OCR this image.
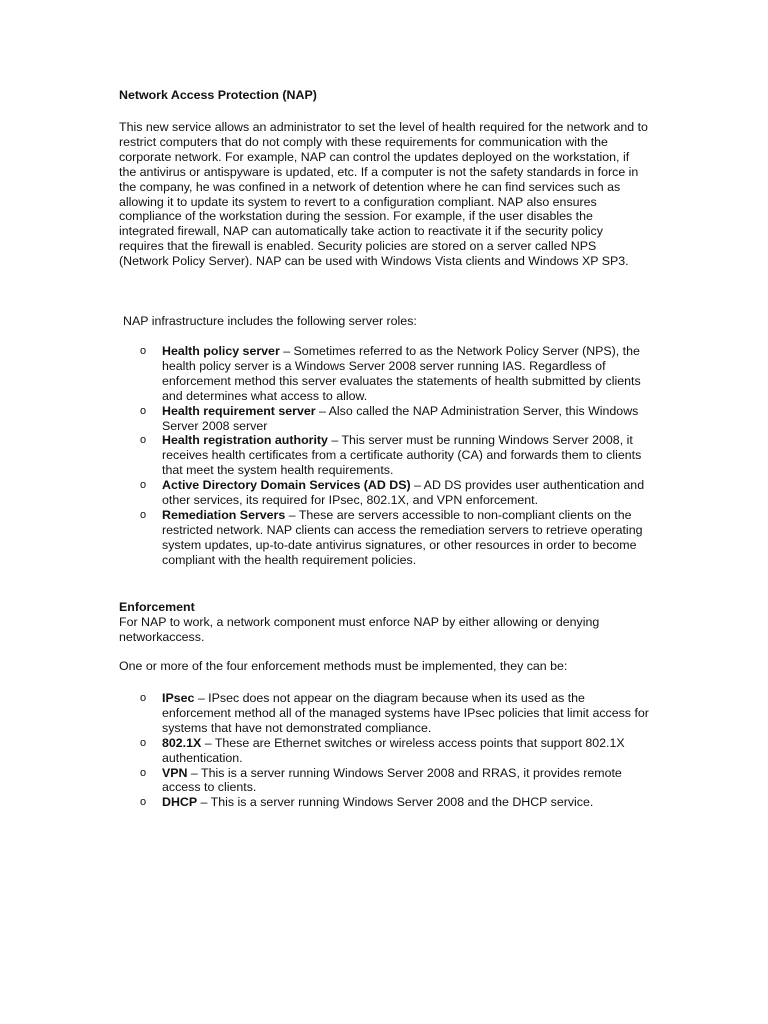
Network Access Protection (NAP)

This new service allows an administrator to set the level of health required for the network and to restrict computers that do not comply with these requirements for communication with the corporate network. For example, NAP can control the updates deployed on the workstation, if the antivirus or antispyware is updated, etc. If a computer is not the safety standards in force in the company, he was confined in a network of detention where he can find services such as allowing it to update its system to revert to a configuration compliant. NAP also ensures compliance of the workstation during the session. For example, if the user disables the integrated firewall, NAP can automatically take action to reactivate it if the security policy requires that the firewall is enabled. Security policies are stored on a server called NPS (Network Policy Server). NAP can be used with Windows Vista clients and Windows XP SP3.

NAP infrastructure includes the following server roles:

o Health policy server – Sometimes referred to as the Network Policy Server (NPS), the health policy server is a Windows Server 2008 server running IAS. Regardless of enforcement method this server evaluates the statements of health submitted by clients and determines what access to allow.
o Health requirement server – Also called the NAP Administration Server, this Windows Server 2008 server
o Health registration authority – This server must be running Windows Server 2008, it receives health certificates from a certificate authority (CA) and forwards them to clients that meet the system health requirements.
o Active Directory Domain Services (AD DS) – AD DS provides user authentication and other services, its required for IPsec, 802.1X, and VPN enforcement.
o Remediation Servers – These are servers accessible to non-compliant clients on the restricted network. NAP clients can access the remediation servers to retrieve operating system updates, up-to-date antivirus signatures, or other resources in order to become compliant with the health requirement policies.
Enforcement

For NAP to work, a network component must enforce NAP by either allowing or denying networkaccess.

One or more of the four enforcement methods must be implemented, they can be:

o IPsec – IPsec does not appear on the diagram because when its used as the enforcement method all of the managed systems have IPsec policies that limit access for systems that have not demonstrated compliance.
o 802.1X – These are Ethernet switches or wireless access points that support 802.1X authentication.
o VPN – This is a server running Windows Server 2008 and RRAS, it provides remote access to clients.
o DHCP – This is a server running Windows Server 2008 and the DHCP service.
